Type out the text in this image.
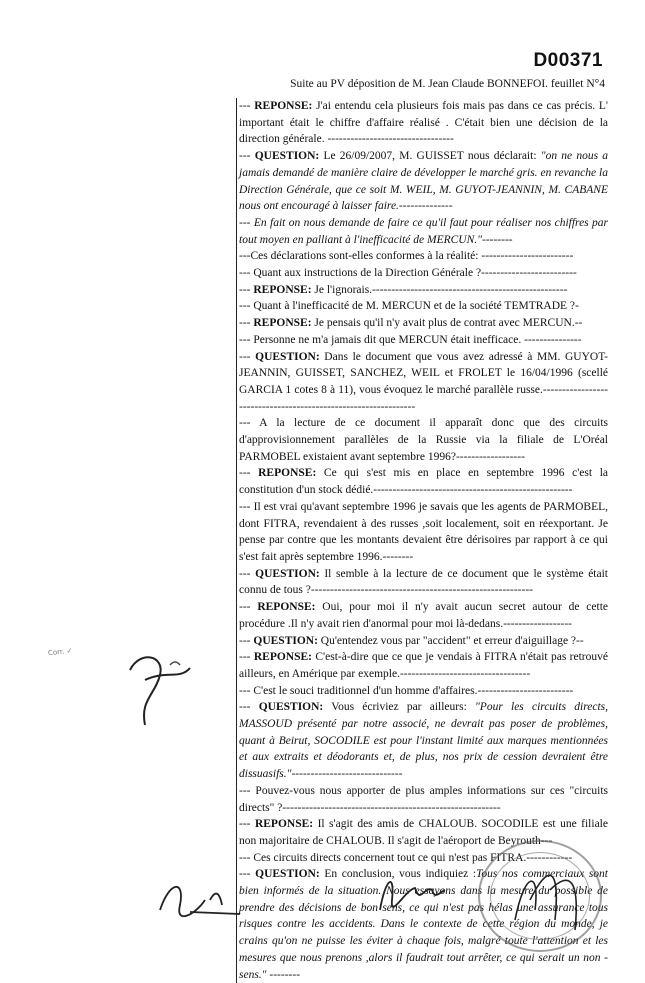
D00371
Suite au PV déposition de M. Jean Claude BONNEFOI. feuillet N°4

--- REPONSE: J'ai entendu cela plusieurs fois mais pas dans ce cas précis. L' important était le chiffre d'affaire réalisé . C'était bien une décision de la direction générale. ---------------------------------

--- QUESTION: Le 26/09/2007, M. GUISSET nous déclarait: "on ne nous a jamais demandé de manière claire de développer le marché gris. en revanche la Direction Générale, que ce soit M. WEIL, M. GUYOT-JEANNIN, M. CABANE nous ont encouragé à laisser faire.--------------

--- En fait on nous demande de faire ce qu'il faut pour réaliser nos chiffres par tout moyen en palliant à l'inefficacité de MERCUN."--------

---Ces déclarations sont-elles conformes à la réalité: ------------------------

--- Quant aux instructions de la Direction Générale ?-------------------------

--- REPONSE: Je l'ignorais.---------------------------------------------------

--- Quant à l'inefficacité de M. MERCUN et de la société TEMTRADE ?-

--- REPONSE: Je pensais qu'il n'y avait plus de contrat avec MERCUN.--

--- Personne ne m'a jamais dit que MERCUN était inefficace. ---------------

--- QUESTION: Dans le document que vous avez adressé à MM. GUYOT-JEANNIN, GUISSET, SANCHEZ, WEIL et FROLET le 16/04/1996 (scellé GARCIA 1 cotes 8 à 11), vous évoquez le marché parallèle russe.---------------------------------------------------------------

--- A la lecture de ce document il apparaît donc que des circuits d'approvisionnement parallèles de la Russie via la filiale de L'Oréal PARMOBEL existaient avant septembre 1996?------------------

--- REPONSE: Ce qui s'est mis en place en septembre 1996 c'est la constitution d'un stock dédié.----------------------------------------------------

--- Il est vrai qu'avant septembre 1996 je savais que les agents de PARMOBEL, dont FITRA, revendaient à des russes ,soit localement, soit en réexportant. Je pense par contre que les montants devaient être dérisoires par rapport à ce qui s'est fait après septembre 1996.--------

--- QUESTION: Il semble à la lecture de ce document que le système était connu de tous ?----------------------------------------------------------

--- REPONSE: Oui, pour moi il n'y avait aucun secret autour de cette procédure .Il n'y avait rien d'anormal pour moi là-dedans.------------------

--- QUESTION: Qu'entendez vous par "accident" et erreur d'aiguillage ?--

--- REPONSE: C'est-à-dire que ce que je vendais à FITRA n'était pas retrouvé ailleurs, en Amérique par exemple.----------------------------------

--- C'est le souci traditionnel d'un homme d'affaires.-------------------------

--- QUESTION: Vous écriviez par ailleurs: "Pour les circuits directs, MASSOUD présenté par notre associé, ne devrait pas poser de problèmes, quant à Beirut, SOCODILE est pour l'instant limité aux marques mentionnées et aux extraits et déodorants et, de plus, nos prix de cession devraient être dissuasifs."-----------------------------

--- Pouvez-vous nous apporter de plus amples informations sur ces "circuits directs" ?---------------------------------------------------------

--- REPONSE: Il s'agit des amis de CHALOUB. SOCODILE est une filiale non majoritaire de CHALOUB. Il s'agit de l'aéroport de Beyrouth---

--- Ces circuits directs concernent tout ce qui n'est pas FITRA.------------

--- QUESTION: En conclusion, vous indiquiez :Tous nos commerciaux sont bien informés de la situation. Nous essayons dans la mesure du possible de prendre des décisions de bon sens, ce qui n'est pas hélas une assurance tous risques contre les accidents. Dans le contexte de cette région du monde, je crains qu'on ne puisse les éviter à chaque fois, malgré toute l'attention et les mesures que nous prenons ,alors il faudrait tout arrêter, ce qui serait un non -sens." --------

Corr. ✓
